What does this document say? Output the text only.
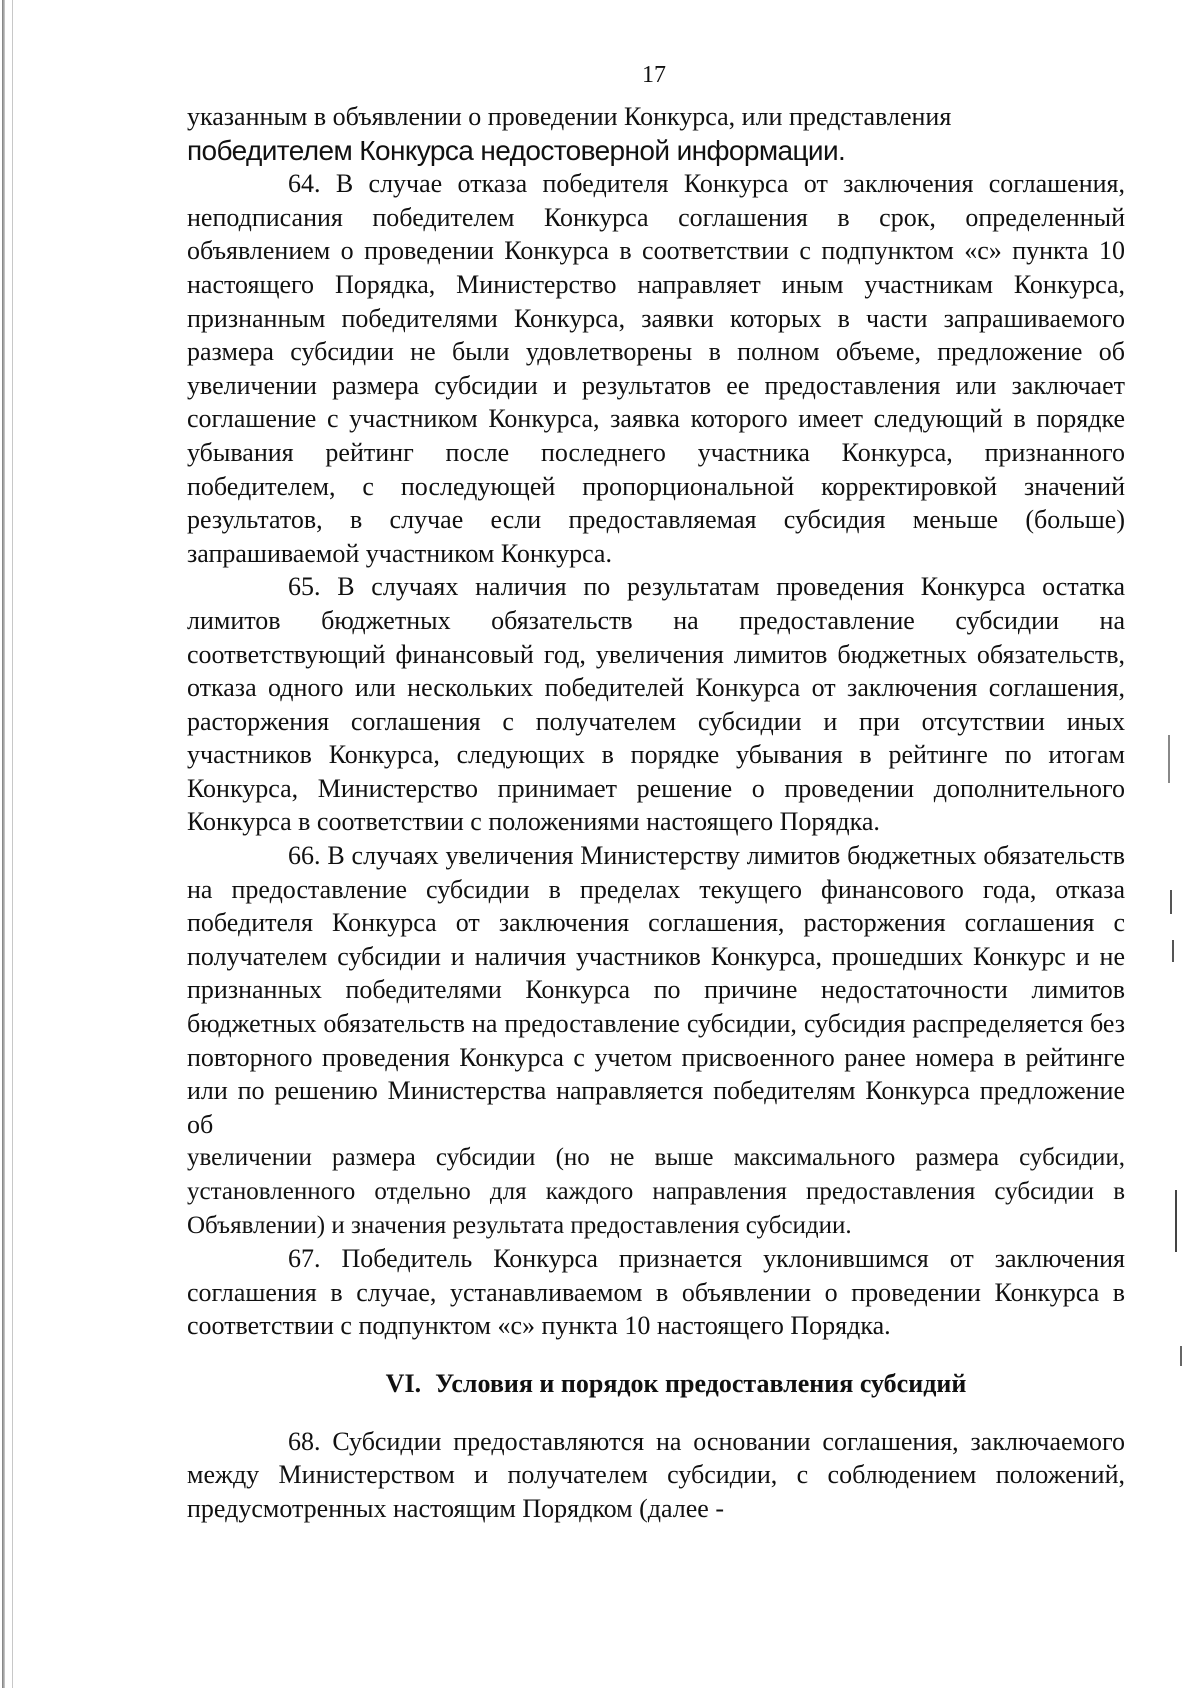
17

указанным в объявлении о проведении Конкурса, или представления

победителем Конкурса недостоверной информации.

64. В случае отказа победителя Конкурса от заключения соглашения, неподписания победителем Конкурса соглашения в срок, определенный объявлением о проведении Конкурса в соответствии с подпунктом «с» пункта 10 настоящего Порядка, Министерство направляет иным участникам Конкурса, признанным победителями Конкурса, заявки которых в части запрашиваемого размера субсидии не были удовлетворены в полном объеме, предложение об увеличении размера субсидии и результатов ее предоставления или заключает соглашение с участником Конкурса, заявка которого имеет следующий в порядке убывания рейтинг после последнего участника Конкурса, признанного победителем, с последующей пропорциональной корректировкой значений результатов, в случае если предоставляемая субсидия меньше (больше) запрашиваемой участником Конкурса.

65. В случаях наличия по результатам проведения Конкурса остатка лимитов бюджетных обязательств на предоставление субсидии на соответствующий финансовый год, увеличения лимитов бюджетных обязательств, отказа одного или нескольких победителей Конкурса от заключения соглашения, расторжения соглашения с получателем субсидии и при отсутствии иных участников Конкурса, следующих в порядке убывания в рейтинге по итогам Конкурса, Министерство принимает решение о проведении дополнительного Конкурса в соответствии с положениями настоящего Порядка.

66. В случаях увеличения Министерству лимитов бюджетных обязательств на предоставление субсидии в пределах текущего финансового года, отказа победителя Конкурса от заключения соглашения, расторжения соглашения с получателем субсидии и наличия участников Конкурса, прошедших Конкурс и не признанных победителями Конкурса по причине недостаточности лимитов бюджетных обязательств на предоставление субсидии, субсидия распределяется без повторного проведения Конкурса с учетом присвоенного ранее номера в рейтинге или по решению Министерства направляется победителям Конкурса предложение об

увеличении размера субсидии (но не выше максимального размера субсидии, установленного отдельно для каждого направления предоставления субсидии в Объявлении) и значения результата предоставления субсидии.

67. Победитель Конкурса признается уклонившимся от заключения соглашения в случае, устанавливаемом в объявлении о проведении Конкурса в соответствии с подпунктом «с» пункта 10 настоящего Порядка.

VI. Условия и порядок предоставления субсидий

68. Субсидии предоставляются на основании соглашения, заключаемого между Министерством и получателем субсидии, с соблюдением положений, предусмотренных настоящим Порядком (далее -
